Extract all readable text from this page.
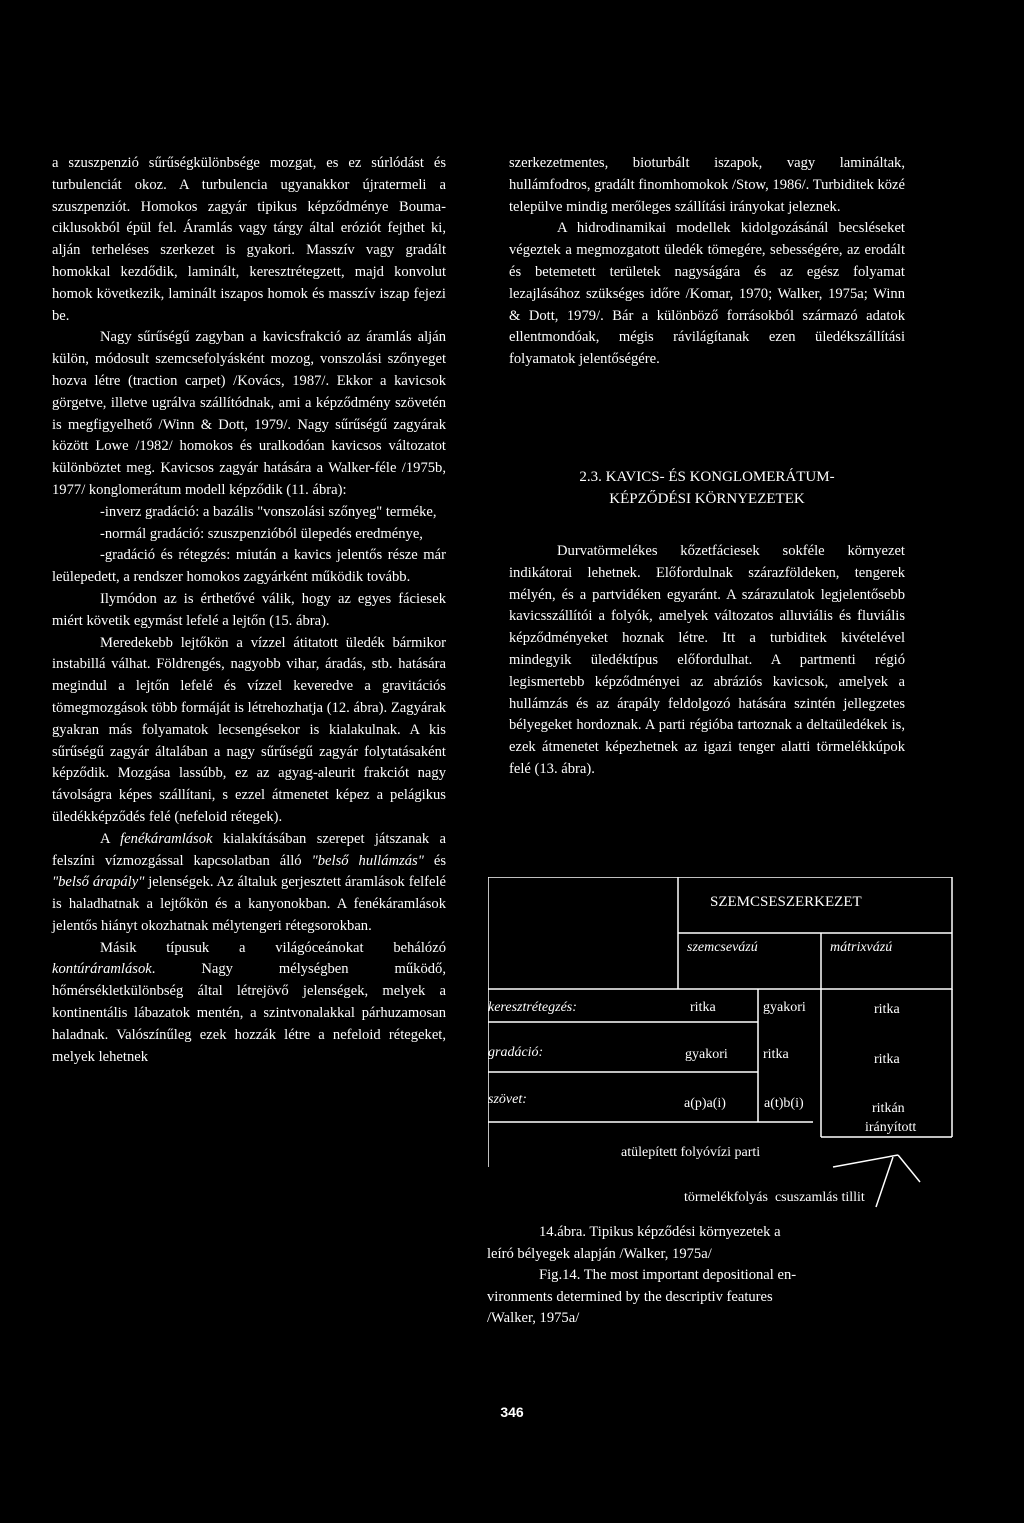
a szuszpenzió sűrűségkülönbsége mozgat, es ez súrlódást és turbulenciát okoz. A turbulencia ugyanakkor újratermeli a szuszpenziót. Homokos zagyár tipikus képződménye Bouma-ciklusokból épül fel. Áramlás vagy tárgy által eróziót fejthet ki, alján terheléses szerkezet is gyakori. Masszív vagy gradált homokkal kezdődik, laminált, keresztrétegzett, majd konvolut homok következik, laminált iszapos homok és masszív iszap fejezi be.

Nagy sűrűségű zagyban a kavicsfrakció az áramlás alján külön, módosult szemcsefolyásként mozog, vonszolási szőnyeget hozva létre (traction carpet) /Kovács, 1987/. Ekkor a kavicsok görgetve, illetve ugrálva szállítódnak, ami a képződmény szövetén is megfigyelhető /Winn & Dott, 1979/. Nagy sűrűségű zagyárak között Lowe /1982/ homokos és uralkodóan kavicsos változatot különböztet meg. Kavicsos zagyár hatására a Walker-féle /1975b, 1977/ konglomerátum modell képződik (11. ábra):

-inverz gradáció: a bazális "vonszolási szőnyeg" terméke,

-normál gradáció: szuszpenzióból ülepedés eredménye,

-gradáció és rétegzés: miután a kavics jelentős része már leülepedett, a rendszer homokos zagyárként működik tovább.

Ilymódon az is érthetővé válik, hogy az egyes fáciesek miért követik egymást lefelé a lejtőn (15. ábra).

Meredekebb lejtőkön a vízzel átitatott üledék bármikor instabillá válhat. Földrengés, nagyobb vihar, áradás, stb. hatására megindul a lejtőn lefelé és vízzel keveredve a gravitációs tömegmozgások több formáját is létrehozhatja (12. ábra). Zagyárak gyakran más folyamatok lecsengésekor is kialakulnak. A kis sűrűségű zagyár általában a nagy sűrűségű zagyár folytatásaként képződik. Mozgása lassúbb, ez az agyag-aleurit frakciót nagy távolságra képes szállítani, s ezzel átmenetet képez a pelágikus üledékképződés felé (nefeloid rétegek).

A fenékáramlások kialakításában szerepet játszanak a felszíni vízmozgással kapcsolatban álló "belső hullámzás" és "belső árapály" jelenségek. Az általuk gerjesztett áramlások felfelé is haladhatnak a lejtőkön és a kanyonokban. A fenékáramlások jelentős hiányt okozhatnak mélytengeri rétegsorokban.

Másik típusuk a világóceánokat behálózó kontúráramlások. Nagy mélységben működő, hőmérsékletkülönbség által létrejövő jelenségek, melyek a kontinentális lábazatok mentén, a szintvonalakkal párhuzamosan haladnak. Valószínűleg ezek hozzák létre a nefeloid rétegeket, melyek lehetnek

szerkezetmentes, bioturbált iszapok, vagy lamináltak, hullámfodros, gradált finomhomokok /Stow, 1986/. Turbiditek közé települve mindig merőleges szállítási irányokat jeleznek.

A hidrodinamikai modellek kidolgozásánál becsléseket végeztek a megmozgatott üledék tömegére, sebességére, az erodált és betemetett területek nagyságára és az egész folyamat lezajlásához szükséges időre /Komar, 1970; Walker, 1975a; Winn & Dott, 1979/. Bár a különböző forrásokból származó adatok ellentmondóak, mégis rávilágítanak ezen üledékszállítási folyamatok jelentőségére.

2.3. KAVICS- ÉS KONGLOMERÁTUM-
KÉPZŐDÉSI KÖRNYEZETEK

Durvatörmelékes kőzetfáciesek sokféle környezet indikátorai lehetnek. Előfordulnak szárazföldeken, tengerek mélyén, és a partvidéken egyaránt. A szárazulatok legjelentősebb kavicsszállítói a folyók, amelyek változatos alluviális és fluviális képződményeket hoznak létre. Itt a turbiditek kivételével mindegyik üledéktípus előfordulhat. A partmenti régió legismertebb képződményei az abráziós kavicsok, amelyek a hullámzás és az árapály feldolgozó hatására szintén jellegzetes bélyegeket hordoznak. A parti régióba tartoznak a deltaüledékek is, ezek átmenetet képezhetnek az igazi tenger alatti törmelékkúpok felé (13. ábra).

SZEMCSESZERKEZET
szemcsevázú	mátrixvázú
keresztrétegzés:	ritka	gyakori	ritka
gradáció:	gyakori	ritka	ritka
szövet:	a(p)a(i)	a(t)b(i)	ritkán
irányított
atülepített folyóvízi parti
törmelékfolyás  csuszamlás tillit

14.ábra. Tipikus képződési környezetek a

leíró bélyegek alapján /Walker, 1975a/

Fig.14. The most important depositional en-

vironments determined by the descriptiv features

/Walker, 1975a/

346
